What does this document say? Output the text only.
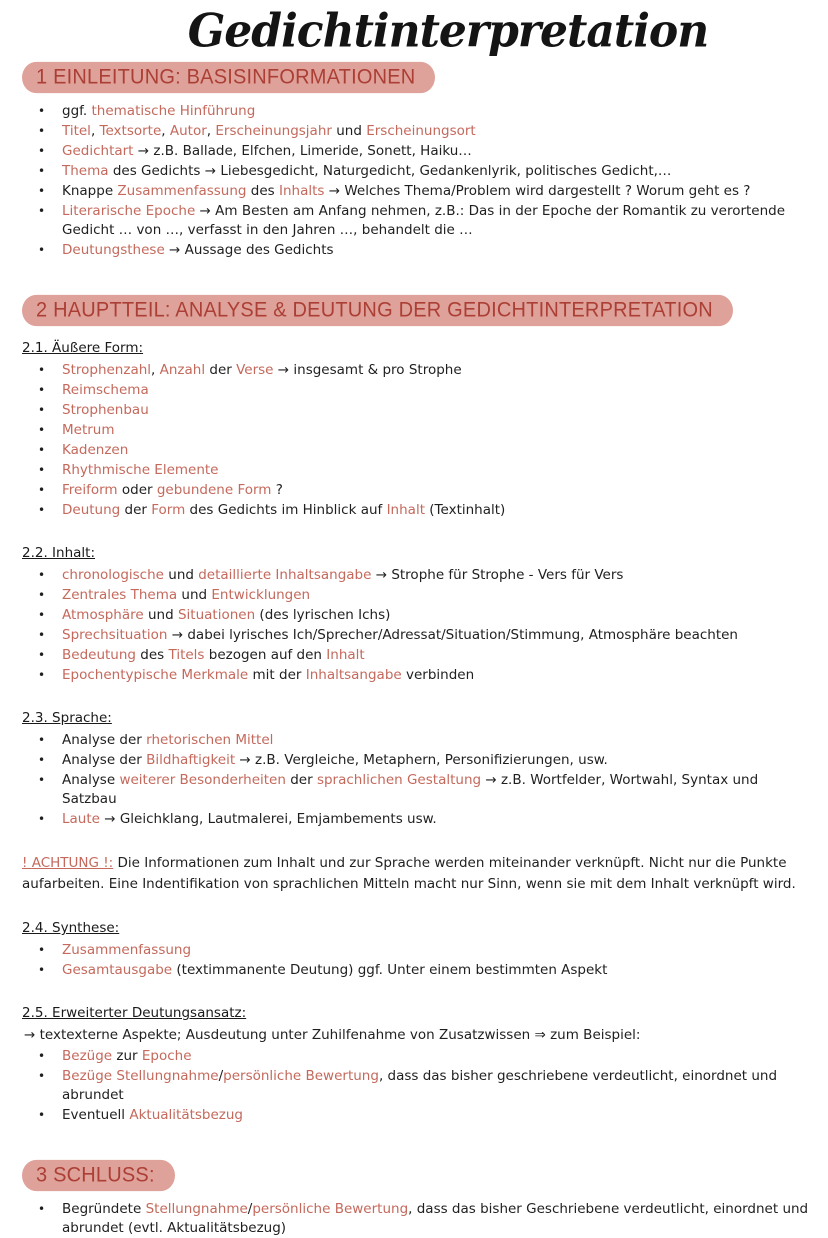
Gedichtinterpretation
1 EINLEITUNG: BASISINFORMATIONEN
• ggf. thematische Hinführung
• Titel, Textsorte, Autor, Erscheinungsjahr und Erscheinungsort
• Gedichtart → z.B. Ballade, Elfchen, Limeride, Sonett, Haiku…
• Thema des Gedichts → Liebesgedicht, Naturgedicht, Gedankenlyrik, politisches Gedicht,…
• Knappe Zusammenfassung des Inhalts → Welches Thema/Problem wird dargestellt ? Worum geht es ?
• Literarische Epoche → Am Besten am Anfang nehmen, z.B.: Das in der Epoche der Romantik zu verortende Gedicht … von …, verfasst in den Jahren …, behandelt die …
• Deutungsthese → Aussage des Gedichts
2 HAUPTTEIL: ANALYSE & DEUTUNG DER GEDICHTINTERPRETATION
2.1. Äußere Form:
• Strophenzahl, Anzahl der Verse → insgesamt & pro Strophe
• Reimschema
• Strophenbau
• Metrum
• Kadenzen
• Rhythmische Elemente
• Freiform oder gebundene Form ?
• Deutung der Form des Gedichts im Hinblick auf Inhalt (Textinhalt)
2.2. Inhalt:
• chronologische und detaillierte Inhaltsangabe → Strophe für Strophe - Vers für Vers
• Zentrales Thema und Entwicklungen
• Atmosphäre und Situationen (des lyrischen Ichs)
• Sprechsituation → dabei lyrisches Ich/Sprecher/Adressat/Situation/Stimmung, Atmosphäre beachten
• Bedeutung des Titels bezogen auf den Inhalt
• Epochentypische Merkmale mit der Inhaltsangabe verbinden
2.3. Sprache:
• Analyse der rhetorischen Mittel
• Analyse der Bildhaftigkeit → z.B. Vergleiche, Metaphern, Personifizierungen, usw.
• Analyse weiterer Besonderheiten der sprachlichen Gestaltung → z.B. Wortfelder, Wortwahl, Syntax und Satzbau
• Laute → Gleichklang, Lautmalerei, Emjambements usw.

! ACHTUNG !: Die Informationen zum Inhalt und zur Sprache werden miteinander verknüpft. Nicht nur die Punkte aufarbeiten. Eine Indentifikation von sprachlichen Mitteln macht nur Sinn, wenn sie mit dem Inhalt verknüpft wird.

2.4. Synthese:
• Zusammenfassung
• Gesamtausgabe (textimmanente Deutung) ggf. Unter einem bestimmten Aspekt
2.5. Erweiterter Deutungsansatz:

→ textexterne Aspekte; Ausdeutung unter Zuhilfenahme von Zusatzwissen ⇒ zum Beispiel:

• Bezüge zur Epoche
• Bezüge Stellungnahme/persönliche Bewertung, dass das bisher geschriebene verdeutlicht, einordnet und abrundet
• Eventuell Aktualitätsbezug
3 SCHLUSS:
• Begründete Stellungnahme/persönliche Bewertung, dass das bisher Geschriebene verdeutlicht, einordnet und abrundet (evtl. Aktualitätsbezug)
